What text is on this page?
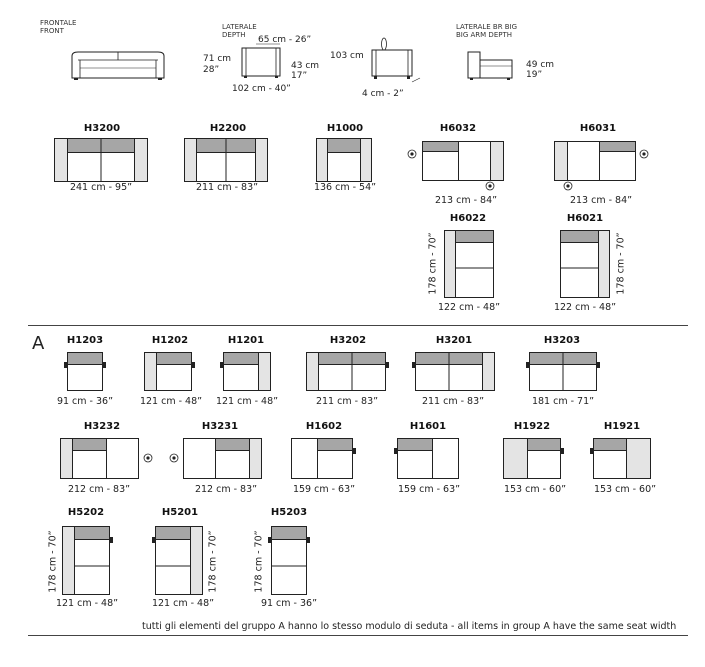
FRONTALE
FRONT	LATERALE
DEPTH
LATERALE BR BIG
BIG ARM DEPTH
65 cm - 26”
71 cm
28”	43 cm
17”
102 cm - 40”
103 cm
4 cm - 2”
49 cm
19”
H3200
241 cm - 95”
H2200
211 cm - 83”
H1000
136 cm - 54”
H6032
213 cm - 84”
H6031
213 cm - 84”
H6022
178 cm - 70”
122 cm - 48”
H6021
178 cm - 70”
122 cm - 48”
A	H1203
91 cm - 36”
H1202
121 cm - 48”
H1201
121 cm - 48”
H3202
211 cm - 83”
H3201
211 cm - 83”
H3203
181 cm - 71”
H3232
212 cm - 83”
H3231
212 cm - 83”
H1602
159 cm - 63”
H1601
159 cm - 63”
H1922
153 cm - 60”
H1921
153 cm - 60”
H5202
178 cm - 70”
121 cm - 48”
H5201
178 cm - 70”
121 cm - 48”
H5203
178 cm - 70”
91 cm - 36”
tutti gli elementi del gruppo A hanno lo stesso modulo di seduta - all items in group A have the same seat width
